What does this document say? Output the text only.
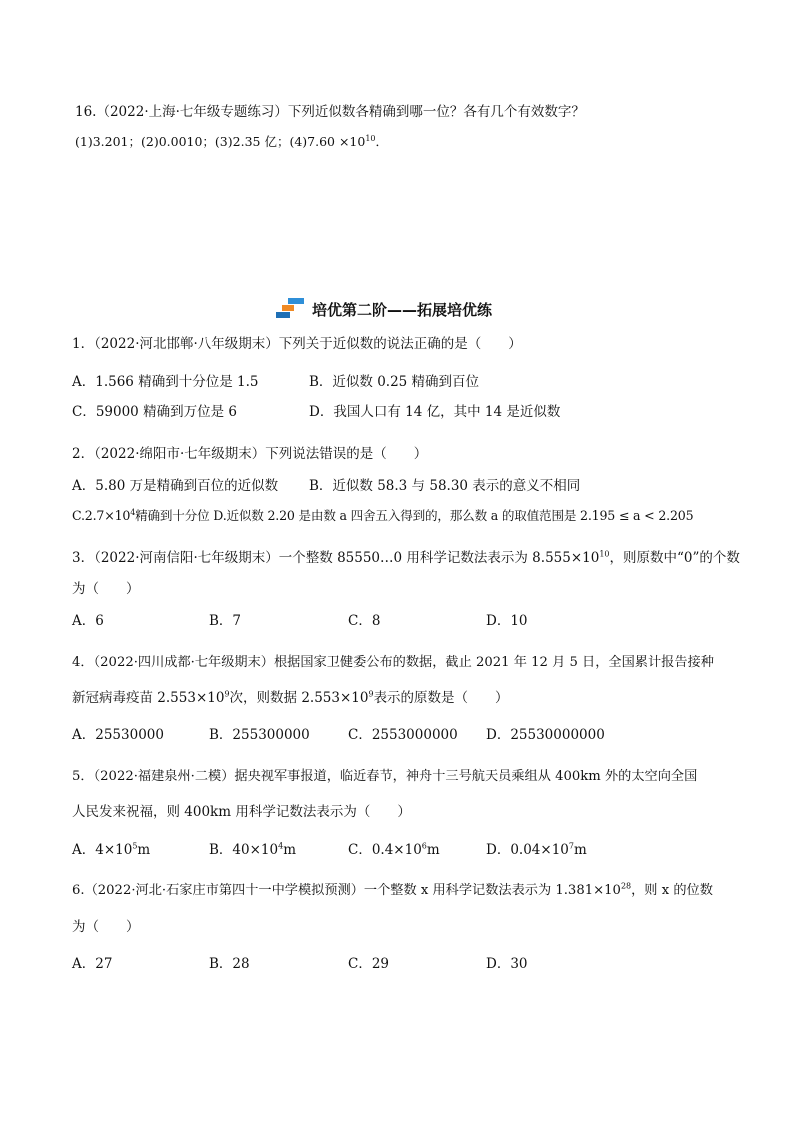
16.（2022·上海·七年级专题练习）下列近似数各精确到哪一位？各有几个有效数字？
(1)3.201；(2)0.0010；(3)2.35 亿；$(4)7.60 \times 10^{10}$．
培优第二阶——拓展培优练
1．（2022·河北邯郸·八年级期末）下列关于近似数的说法正确的是（　　）
A．1.566 精确到十分位是 1.5	B．近似数 0.25 精确到百位
C．59000 精确到万位是 6	D．我国人口有 14 亿，其中 14 是近似数
2．（2022·绵阳市·七年级期末）下列说法错误的是（　　）
A．5.80 万是精确到百位的近似数 B．近似数 58.3 与 58.30 表示的意义不相同
$C.2.7\times 10^4$精确到十分位 D.近似数 2.20 是由数 a 四舍五入得到的，那么数 a 的取值范围是 2.195 ≤ a < 2.205
3．（2022·河南信阳·七年级期末）一个整数 85550…0 用科学记数法表示为 $8.555\times 10^{10}$，则原数中“0”的个数
为（　　）
A．6	B．7	C．8	D．10
4．（2022·四川成都·七年级期末）根据国家卫健委公布的数据，截止 2021 年 12 月 5 日，全国累计报告接种
新冠病毒疫苗 $2.553\times 10^9$次，则数据 $2.553\times 10^9$表示的原数是（　　）
A．25530000	B．255300000	C．2553000000 D．25530000000
5．（2022·福建泉州·二模）据央视军事报道，临近春节，神舟十三号航天员乘组从 400km 外的太空向全国
人民发来祝福，则 400km 用科学记数法表示为（　　）
A．$4\times 10^5m$	B．$40\times 10^4m$	C．$0.4\times 10^6m$	D．$0.04\times 10^7m$
6.（2022·河北·石家庄市第四十一中学模拟预测）一个整数 x 用科学记数法表示为 $1.381\times 10^{28}$，则 x 的位数
为（　　）
A．27	B．28	C．29	D．30
